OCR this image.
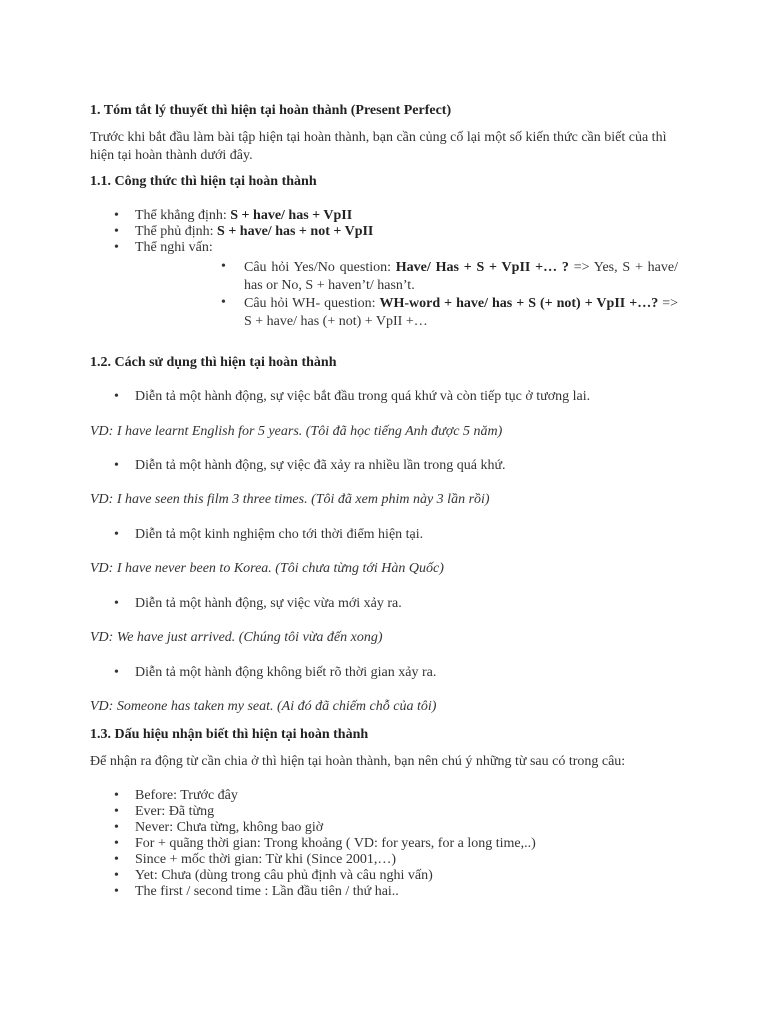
1. Tóm tắt lý thuyết thì hiện tại hoàn thành (Present Perfect)

Trước khi bắt đầu làm bài tập hiện tại hoàn thành, bạn cần củng cố lại một số kiến thức cần biết của thì hiện tại hoàn thành dưới đây.

1.1. Công thức thì hiện tại hoàn thành

• Thể khẳng định: S + have/ has + VpII
• Thể phủ định: S + have/ has + not + VpII
• Thể nghi vấn:
• Câu hỏi Yes/No question: Have/ Has + S + VpII +… ? => Yes, S + have/ has or No, S + haven’t/ hasn’t.
• Câu hỏi WH- question: WH-word + have/ has + S (+ not) + VpII +…? => S + have/ has (+ not) + VpII +…

1.2. Cách sử dụng thì hiện tại hoàn thành

• Diễn tả một hành động, sự việc bắt đầu trong quá khứ và còn tiếp tục ở tương lai.

VD: I have learnt English for 5 years. (Tôi đã học tiếng Anh được 5 năm)

• Diễn tả một hành động, sự việc đã xảy ra nhiều lần trong quá khứ.

VD: I have seen this film 3 three times. (Tôi đã xem phim này 3 lần rồi)

• Diễn tả một kinh nghiệm cho tới thời điểm hiện tại.

VD: I have never been to Korea. (Tôi chưa từng tới Hàn Quốc)

• Diễn tả một hành động, sự việc vừa mới xảy ra.

VD: We have just arrived. (Chúng tôi vừa đến xong)

• Diễn tả một hành động không biết rõ thời gian xảy ra.

VD: Someone has taken my seat. (Ai đó đã chiếm chỗ của tôi)

1.3. Dấu hiệu nhận biết thì hiện tại hoàn thành

Để nhận ra động từ cần chia ở thì hiện tại hoàn thành, bạn nên chú ý những từ sau có trong câu:

• Before: Trước đây
• Ever: Đã từng
• Never: Chưa từng, không bao giờ
• For + quãng thời gian: Trong khoảng ( VD: for years, for a long time,..)
• Since + mốc thời gian: Từ khi (Since 2001,…)
• Yet: Chưa (dùng trong câu phủ định và câu nghi vấn)
• The first / second time : Lần đầu tiên / thứ hai..
